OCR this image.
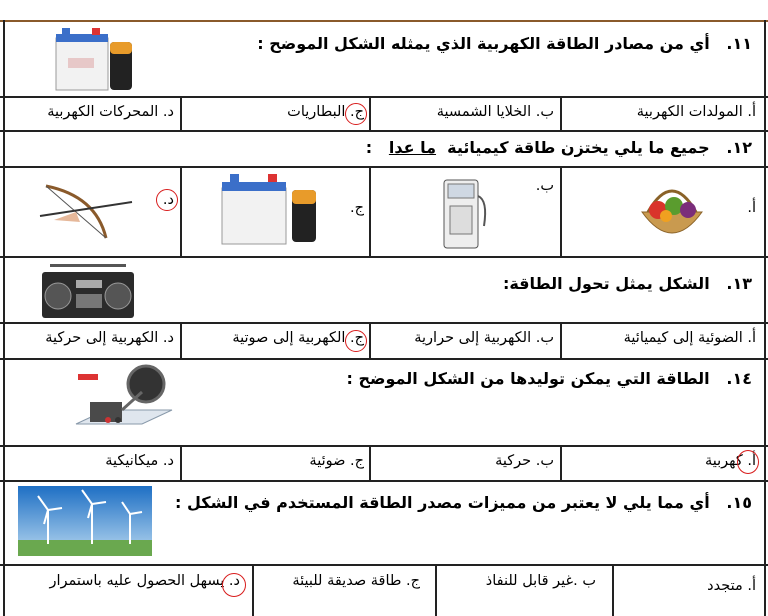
١١.   أي من مصادر الطاقة الكهربية الذي يمثله الشكل الموضح :
أ. المولدات الكهربية
ب. الخلايا الشمسية
ج. البطاريات
د. المحركات الكهربية
١٢.   جميع ما يلي يختزن طاقة كيميائية  ما عدا   :
أ.
ب.
ج.
د.
١٣.   الشكل يمثل تحول الطاقة:
أ. الضوئية إلى كيميائية
ب. الكهربية إلى حرارية
ج. الكهربية إلى صوتية
د. الكهربية إلى حركية
١٤.   الطاقة التي يمكن توليدها من الشكل الموضح :
أ. كهربية
ب. حركية
ج. ضوئية
د. ميكانيكية
١٥.   أي مما يلي لا يعتبر من مميزات مصدر الطاقة المستخدم في الشكل :
أ. متجدد
ب .غير قابل للنفاذ
ج. طاقة صديقة للبيئة
د. يسهل الحصول عليه باستمرار
